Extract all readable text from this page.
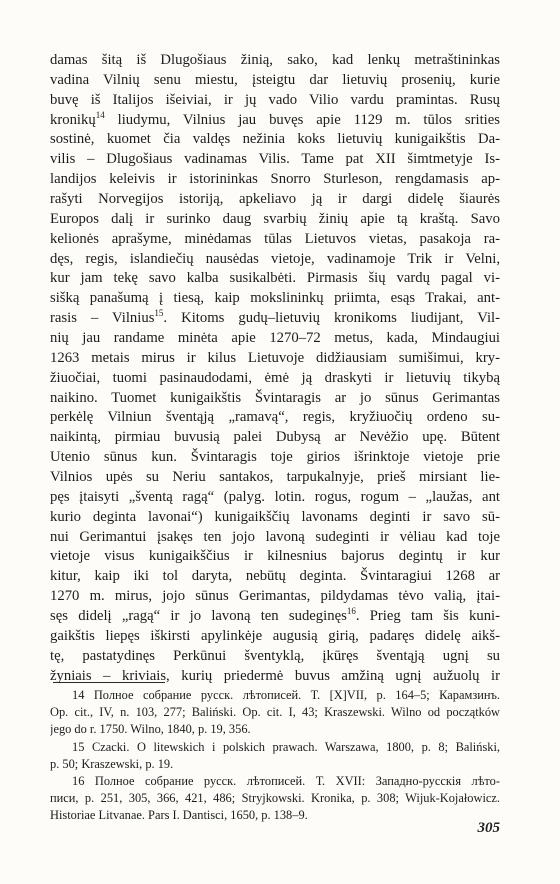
damas šitą iš Dlugošiaus žinią, sako, kad lenkų metraštininkas
vadina Vilnių senu miestu, įsteigtu dar lietuvių prosenių, kurie
buvę iš Italijos išeiviai, ir jų vado Vilio vardu pramintas. Rusų
kronikų$^{14}$ liudymu, Vilnius jau buvęs apie 1129 m. tūlos srities
sostinė, kuomet čia valdęs nežinia koks lietuvių kunigaikštis Da-
vilis – Dlugošiaus vadinamas Vilis. Tame pat XII šimtmetyje Is-
landijos keleivis ir istorininkas Snorro Sturleson, rengdamasis ap-
rašyti Norvegijos istoriją, apkeliavo ją ir dargi didelę šiaurės
Europos dalį ir surinko daug svarbių žinių apie tą kraštą. Savo
kelionės aprašyme, minėdamas tūlas Lietuvos vietas, pasakoja ra-
dęs, regis, islandiečių nausėdas vietoje, vadinamoje Trik ir Velni,
kur jam tekę savo kalba susikalbėti. Pirmasis šių vardų pagal vi-
sišką panašumą į tiesą, kaip mokslininkų priimta, esąs Trakai, ant-
rasis – Vilnius$^{15}$. Kitoms gudų–lietuvių kronikoms liudijant, Vil-
nių jau randame minėta apie 1270–72 metus, kada, Mindaugiui
1263 metais mirus ir kilus Lietuvoje didžiausiam sumišimui, kry-
žiuočiai, tuomi pasinaudodami, ėmė ją draskyti ir lietuvių tikybą
naikino. Tuomet kunigaikštis Švintaragis ar jo sūnus Gerimantas
perkėlę Vilniun šventąją „ramavą“, regis, kryžiuočių ordeno su-
naikintą, pirmiau buvusią palei Dubysą ar Nevėžio upę. Būtent
Utenio sūnus kun. Švintaragis toje girios išrinktoje vietoje prie
Vilnios upės su Neriu santakos, tarpukalnyje, prieš mirsiant lie-
pęs įtaisyti „šventą ragą“ (palyg. lotin. rogus, rogum – „laužas, ant
kurio deginta lavonai“) kunigaikščių lavonams deginti ir savo sū-
nui Gerimantui įsakęs ten jojo lavoną sudeginti ir vėliau kad toje
vietoje visus kunigaikščius ir kilnesnius bajorus degintų ir kur
kitur, kaip iki tol daryta, nebūtų deginta. Švintaragiui 1268 ar
1270 m. mirus, jojo sūnus Gerimantas, pildydamas tėvo valią, įtai-
sęs didelį „ragą“ ir jo lavoną ten sudeginęs$^{16}$. Prieg tam šis kuni-
gaikštis liepęs iškirsti apylinkėje augusią girią, padaręs didelę aikš-
tę, pastatydinęs Perkūnui šventyklą, įkūręs šventąją ugnį su
žyniais – kriviais, kurių priedermė buvus amžiną ugnį aužuolų ir
14 Полное собрание русск. лѣтописей. Т. [X]VII, p. 164–5; Карамзинъ.
Op. cit., IV, n. 103, 277; Baliński. Op. cit. I, 43; Kraszewski. Wilno od początków
jego do r. 1750. Wilno, 1840, p. 19, 356.
15 Czacki. O litewskich i polskich prawach. Warszawa, 1800, p. 8; Baliński,
p. 50; Kraszewski, p. 19.
16 Полное собрание русск. лѣтописей. Т. XVII: Западно-русскія лѣто-
писи, p. 251, 305, 366, 421, 486; Stryjkowski. Kronika, p. 308; Wijuk-Kojałowicz.
Historiae Litvanae. Pars I. Dantisci, 1650, p. 138–9.
305
